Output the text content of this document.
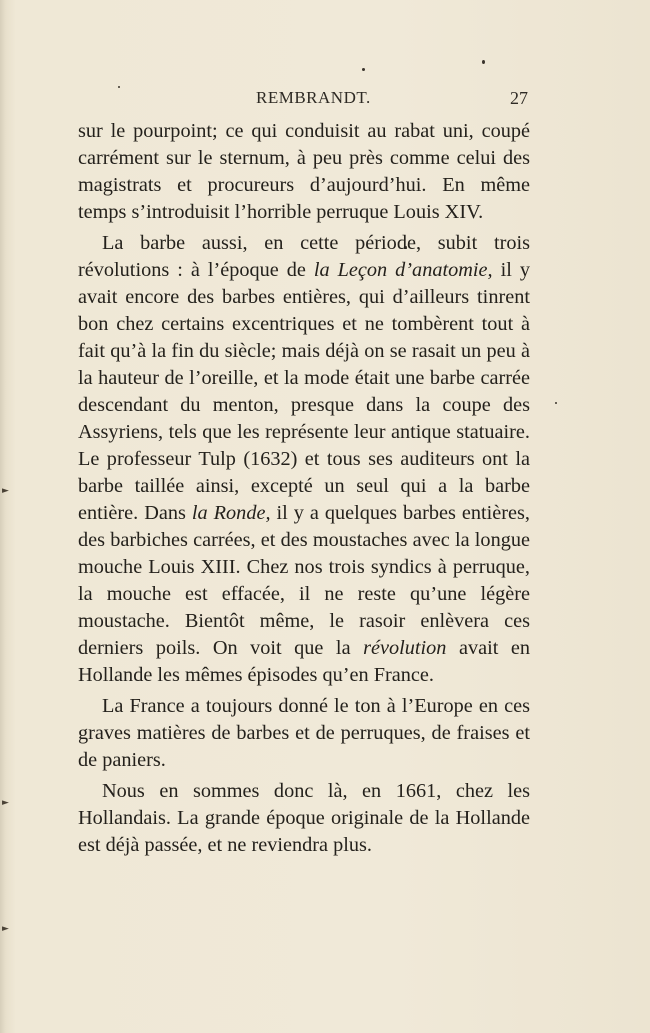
►
►
►
REMBRANDT.	27

sur le pourpoint; ce qui conduisit au rabat uni, coupé carrément sur le sternum, à peu près comme celui des magistrats et procureurs d’aujourd’hui. En même temps s’introduisit l’horrible perruque Louis XIV.

La barbe aussi, en cette période, subit trois révolutions : à l’époque de la Leçon d’anatomie, il y avait encore des barbes entières, qui d’ailleurs tinrent bon chez certains excentriques et ne tombèrent tout à fait qu’à la fin du siècle; mais déjà on se rasait un peu à la hauteur de l’oreille, et la mode était une barbe carrée descendant du menton, presque dans la coupe des Assyriens, tels que les représente leur antique statuaire. Le professeur Tulp (1632) et tous ses auditeurs ont la barbe taillée ainsi, excepté un seul qui a la barbe entière. Dans la Ronde, il y a quelques barbes entières, des barbiches carrées, et des moustaches avec la longue mouche Louis XIII. Chez nos trois syndics à perruque, la mouche est effacée, il ne reste qu’une légère moustache. Bientôt même, le rasoir enlèvera ces derniers poils. On voit que la révolution avait en Hollande les mêmes épisodes qu’en France.

La France a toujours donné le ton à l’Europe en ces graves matières de barbes et de perruques, de fraises et de paniers.

Nous en sommes donc là, en 1661, chez les Hollandais. La grande époque originale de la Hollande est déjà passée, et ne reviendra plus.
